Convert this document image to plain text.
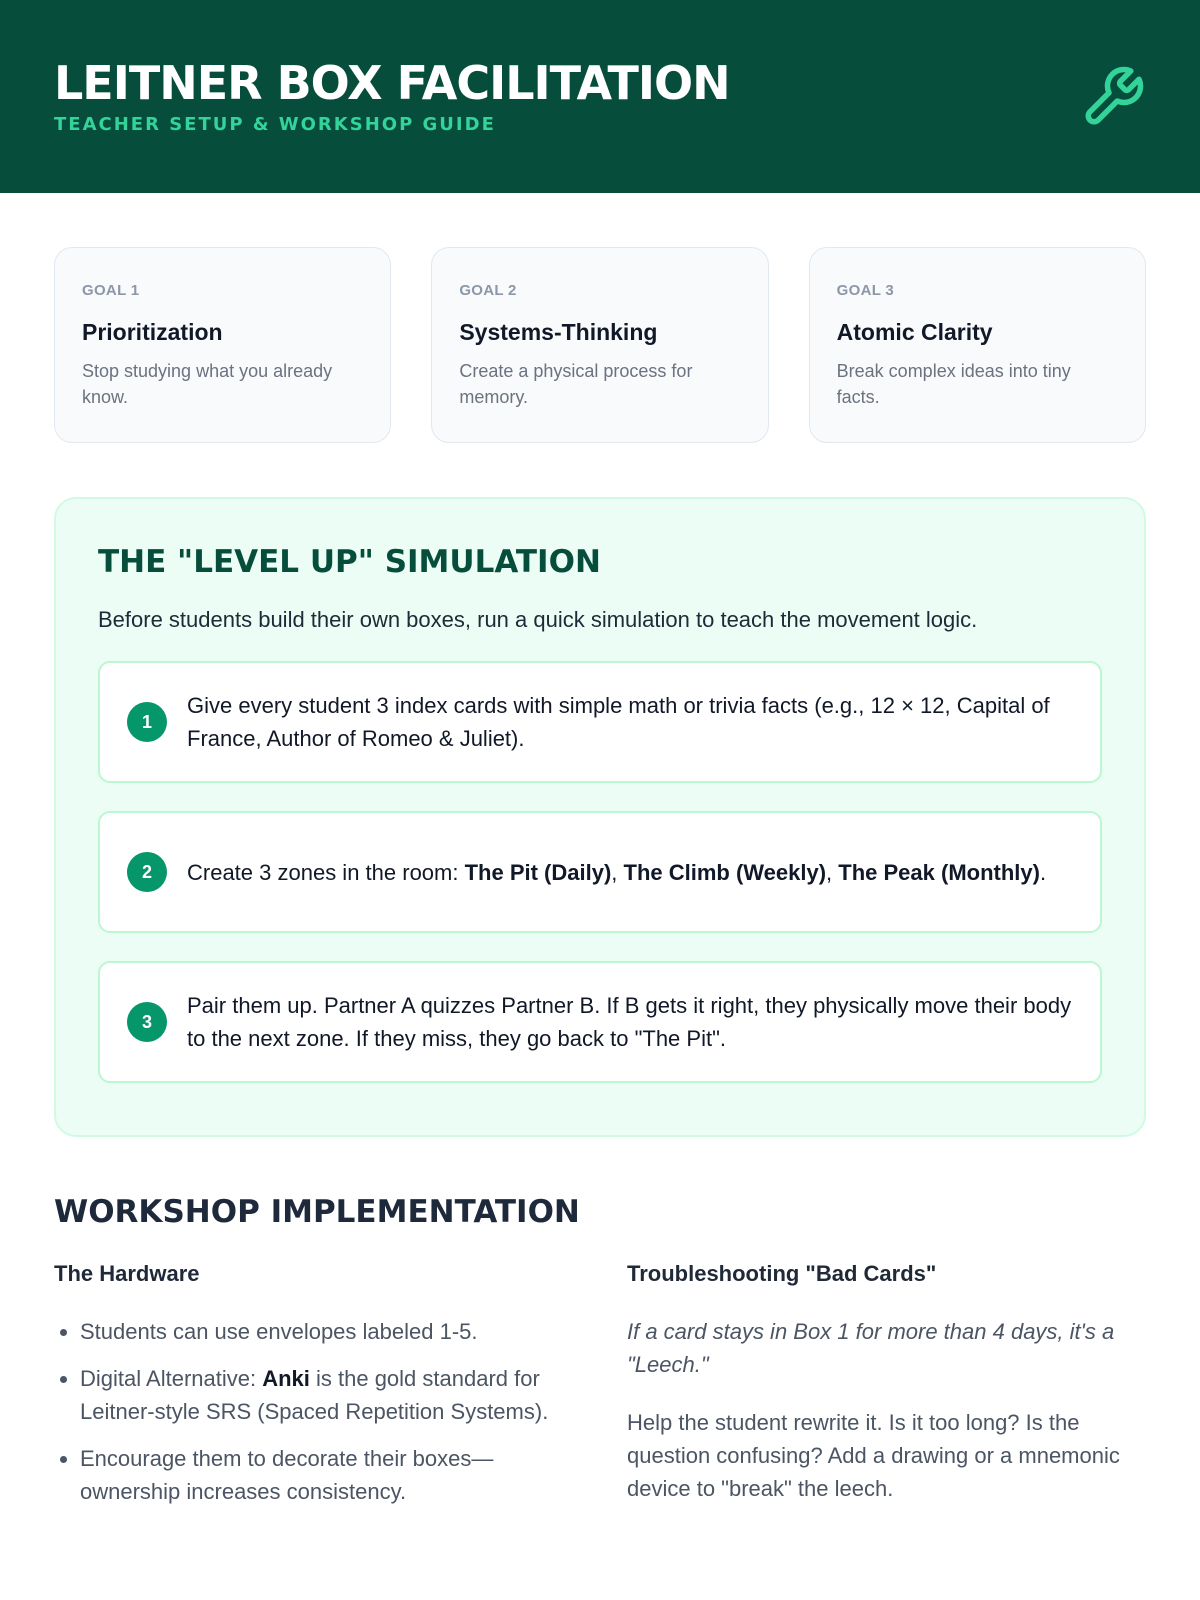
LEITNER BOX FACILITATION
TEACHER SETUP & WORKSHOP GUIDE
GOAL 1
Prioritization
Stop studying what you already know.
GOAL 2
Systems-Thinking
Create a physical process for memory.
GOAL 3
Atomic Clarity
Break complex ideas into tiny facts.
THE "LEVEL UP" SIMULATION
Before students build their own boxes, run a quick simulation to teach the movement logic.
1
Give every student 3 index cards with simple math or trivia facts (e.g., 12 × 12, Capital of France, Author of Romeo & Juliet).
2	Create 3 zones in the room: The Pit (Daily), The Climb (Weekly), The Peak (Monthly).
3
Pair them up. Partner A quizzes Partner B. If B gets it right, they physically move their body to the next zone. If they miss, they go back to "The Pit".
WORKSHOP IMPLEMENTATION
The Hardware
• Students can use envelopes labeled 1-5.
• Digital Alternative: Anki is the gold standard for Leitner-style SRS (Spaced Repetition Systems).
• Encourage them to decorate their boxes—ownership increases consistency.
Troubleshooting "Bad Cards"
If a card stays in Box 1 for more than 4 days, it's a "Leech."
Help the student rewrite it. Is it too long? Is the question confusing? Add a drawing or a mnemonic device to "break" the leech.
